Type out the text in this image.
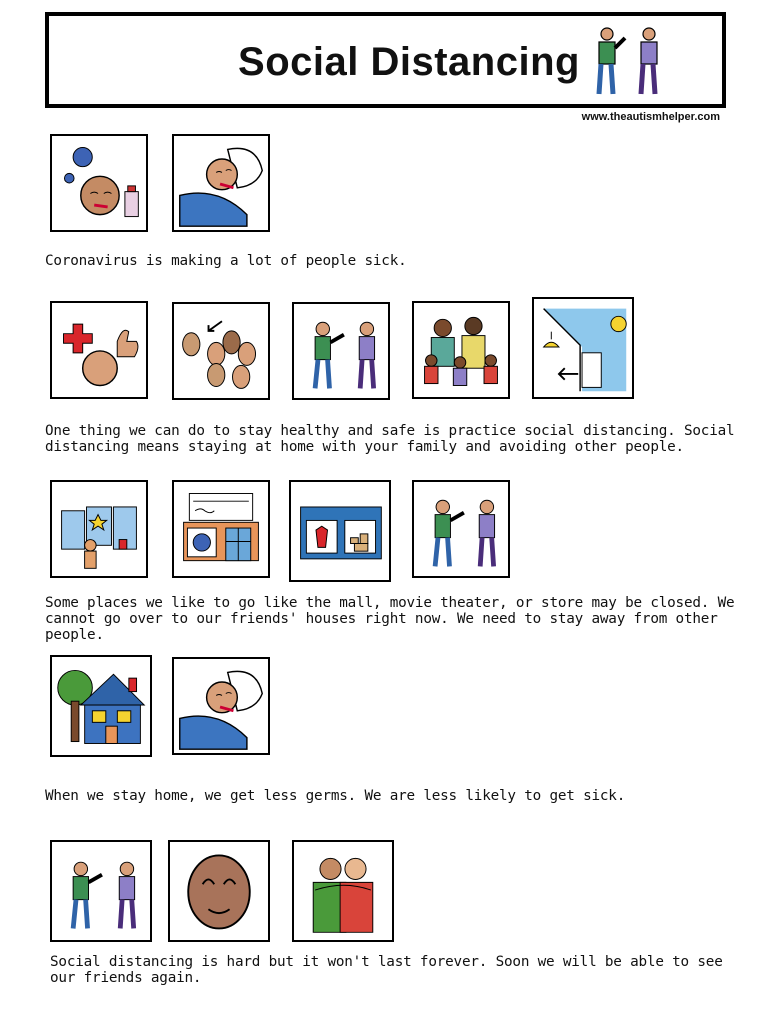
Social Distancing
www.theautismhelper.com
Coronavirus is making a lot of people sick.
One thing we can do to stay healthy and safe is practice social distancing. Social distancing means staying at home with your family and avoiding other people.
Some places we like to go like the mall, movie theater, or store may be closed. We cannot go over to our friends' houses right now. We need to stay away from other people.
When we stay home, we get less germs. We are less likely to get sick.
Social distancing is hard but it won't last forever. Soon we will be able to see our friends again.
